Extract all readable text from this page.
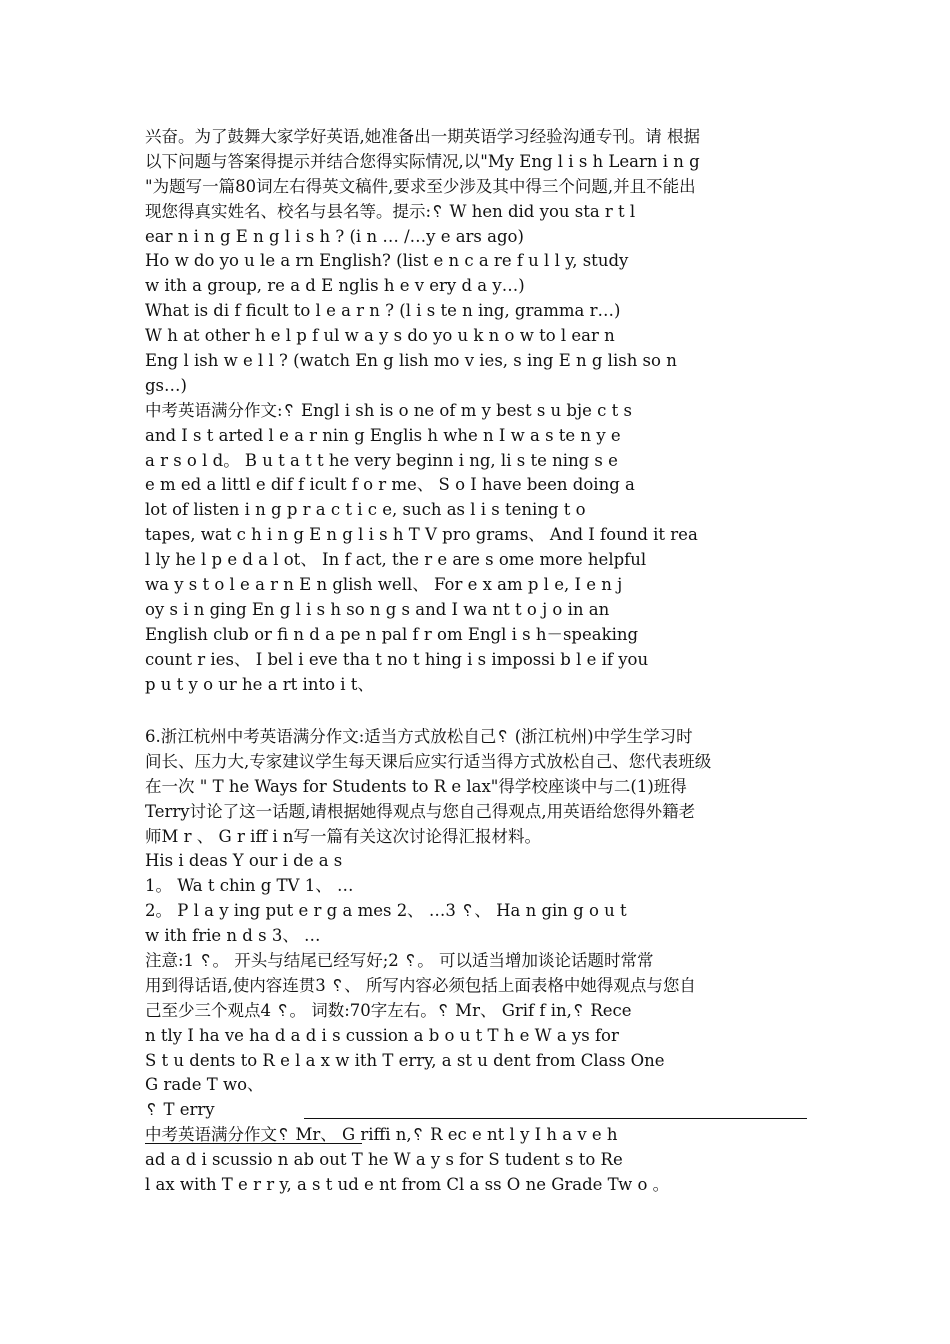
兴奋。为了鼓舞大家学好英语,她准备出一期英语学习经验沟通专刊。请 根据
以下问题与答案得提示并结合您得实际情况,以"My Eng l i s h Learn i n g
"为题写一篇80词左右得英文稿件,要求至少涉及其中得三个问题,并且不能出
现您得真实姓名、校名与县名等。提示:␦ W hen did you sta r t l
ear n i n g E n g l i s h ? (i n … /…y e ars ago)
Ho w do yo u le a rn English? (list e n c a re f u l l y, study
w ith a group, re a d E nglis h e v ery d a y…)
What is di f ficult to l e a r n ? (l i s te n ing, gramma r…)
W h at other h e l p f ul w a y s do yo u k n o w to l ear n
Eng l ish w e l l ? (watch En g lish mo v ies, s ing E n g lish so n
gs…)
中考英语满分作文:␦ Engl i sh is o ne of m y best s u bje c t s
and I s t arted l e a r nin g Englis h whe n I w a s te n y e
a r s o l d。 B u t a t t he very beginn i ng, li s te ning s e
e m ed a littl e dif f icult f o r me、 S o I have been doing a
lot of listen i n g p r a c t i c e, such as l i s tening t o
tapes, wat c h i n g E n g l i s h T V pro grams、 And I found it rea
l ly he l p e d a l ot、 In f act, the r e are s ome more helpful
wa y s t o l e a r n E n glish well、 For e x am p l e, I e n j
oy s i n ging En g l i s h so n g s and I wa nt t o j o in an
English club or fi n d a pe n pal f r om Engl i s h－speaking
count r ies、 I bel i eve tha t no t hing i s impossi b l e if you
p u t y o ur he a rt into i t、
6.浙江杭州中考英语满分作文:适当方式放松自己␦ (浙江杭州)中学生学习时
间长、压力大,专家建议学生每天课后应实行适当得方式放松自己、您代表班级
在一次 " T he Ways for Students to R e lax"得学校座谈中与二(1)班得
Terry讨论了这一话题,请根据她得观点与您自己得观点,用英语给您得外籍老
师M r 、 G r iff i n写一篇有关这次讨论得汇报材料。
His i deas Y our i de a s
1。 Wa t chin g TV 1、 …
2。 P l a y ing put e r g a mes 2、 …3 ␦、 Ha n gin g o u t
w ith frie n d s 3、 …
注意:1 ␦。 开头与结尾已经写好;2 ␦。 可以适当增加谈论话题时常常
用到得话语,使内容连贯3 ␦、 所写内容必须包括上面表格中她得观点与您自
己至少三个观点4 ␦。 词数:70字左右。␦ Mr、 Grif f in,␦ Rece
n tly I ha ve ha d a d i s cussion a b o u t T h e W a ys for
S t u dents to R e l a x w ith T erry, a st u dent from Class One
G rade T wo、
␦ T erry
中考英语满分作文␦ Mr、 G riffi n,␦ R ec e nt l y I h a v e h
ad a d i scussio n ab out T he W a y s for S tudent s to Re
l ax with T e r r y, a s t ud e nt from Cl a ss O ne Grade Tw o 。
